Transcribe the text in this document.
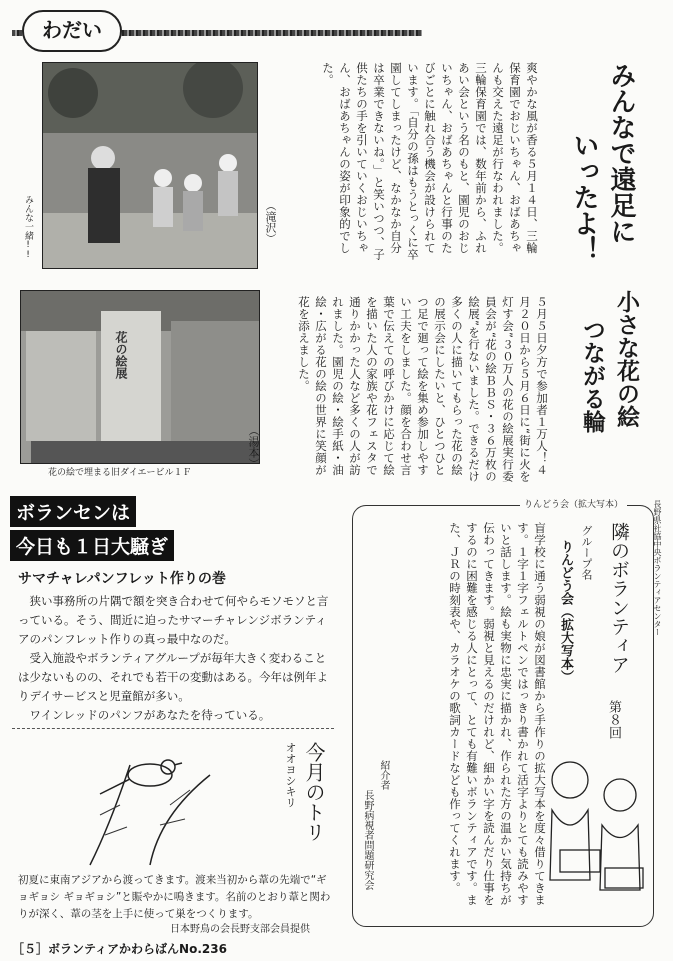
わだい
みんな一緒!!	みんなで遠足に
いったよ！
爽やかな風が香る５月１４日、三輪保育園でおじいちゃん、おばあちゃんも交えた遠足が行なわれました。三輪保育園では、数年前から、ふれあい会という名のもと、園児のおじいちゃん、おばあちゃんと行事のたびごとに触れ合う機会が設けられています。「自分の孫はもうとっくに卒園してしまったけど、なかなか自分は卒業できないね。」と笑いつつ、子供たちの手を引いていくおじいちゃん、おばあちゃんの姿が印象的でした。
（滝沢）
花の絵展
花の絵で埋まる旧ダイエービル１Ｆ
小さな花の絵
つながる輪
５月５日夕方で参加者１万人！４月２０日から５月６日に“街に火を灯す会”３０万人の花の絵展実行委員会が“花の絵ＢＢＳ・３６万枚の絵展”を行ないました。できるだけ多くの人に描いてもらった花の絵の展示会にしたいと、ひとつひとつ足で廻って絵を集め参加しやすい工夫をしました。顔を合わせ言葉で伝えての呼びかけに応じて絵を描いた人の家族や花フェスタで通りかかった人など多くの人が訪れました。園児の絵・絵手紙・油絵・広がる花の絵の世界に笑顔が花を添えました。
（湯本）
ボランセンは
今日も１日大騒ぎ
サマチャレパンフレット作りの巻
狭い事務所の片隅で額を突き合わせて何やらモソモソと言っている。そう、間近に迫ったサマーチャレンジボランティアのパンフレット作りの真っ最中なのだ。
受入施設やボランティアグループが毎年大きく変わることは少ないものの、それでも若干の変動はある。今年は例年よりデイサービスと児童館が多い。
ワインレッドのパンフがあなたを待っている。
今月のトリ
オオヨシキリ
初夏に東南アジアから渡ってきます。渡来当初から葦の先端で“ギョギョシ ギョギョシ”と賑やかに鳴きます。名前のとおり葦と関わりが深く、葦の茎を上手に使って巣をつくります。
日本野鳥の会長野支部会員提供
りんどう会（拡大写本）	長野県社協中央ボランティアセンター
隣のボランティア
第８回
グループ名
りんどう会（拡大写本）
盲学校に通う弱視の娘が図書館から手作りの拡大写本を度々借りてきます。１字１字フェルトペンではっきり書かれて活字よりとても読みやすいと話します。絵も実物に忠実に描かれ、作られた方の温かい気持ちが伝わってきます。弱視と見えるのだけれど、細かい字を読んだり仕事をするのに困難を感じる人にとって、とても有難いボランティアです。また、ＪＲの時刻表や、カラオケの歌詞カードなども作ってくれます。
紹介者
長野病視者問題研究会
［５］ボランティアかわらばんNo.236
